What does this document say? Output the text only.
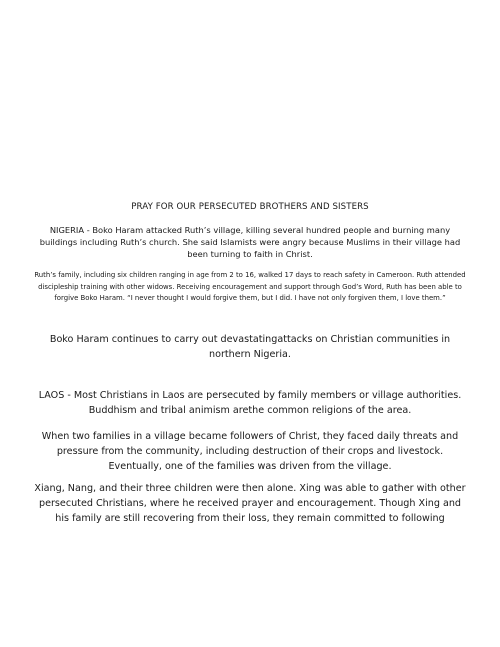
PRAY FOR OUR PERSECUTED BROTHERS AND SISTERS

NIGERIA - Boko Haram attacked Ruth’s village, killing several hundred people and burning many buildings including Ruth’s church. She said Islamists were angry because Muslims in their village had been turning to faith in Christ.

Ruth’s family, including six children ranging in age from 2 to 16, walked 17 days to reach safety in Cameroon. Ruth attended discipleship training with other widows. Receiving encouragement and support through God’s Word, Ruth has been able to forgive Boko Haram. “I never thought I would forgive them, but I did. I have not only forgiven them, I love them.”

Boko Haram continues to carry out devastatingattacks on Christian communities in northern Nigeria.

LAOS - Most Christians in Laos are persecuted by family members or village authorities. Buddhism and tribal animism arethe common religions of the area.

When two families in a village became followers of Christ, they faced daily threats and pressure from the community, including destruction of their crops and livestock. Eventually, one of the families was driven from the village.

Xiang, Nang, and their three children were then alone. Xing was able to gather with other persecuted Christians, where he received prayer and encouragement. Though Xing and his family are still recovering from their loss, they remain committed to following
